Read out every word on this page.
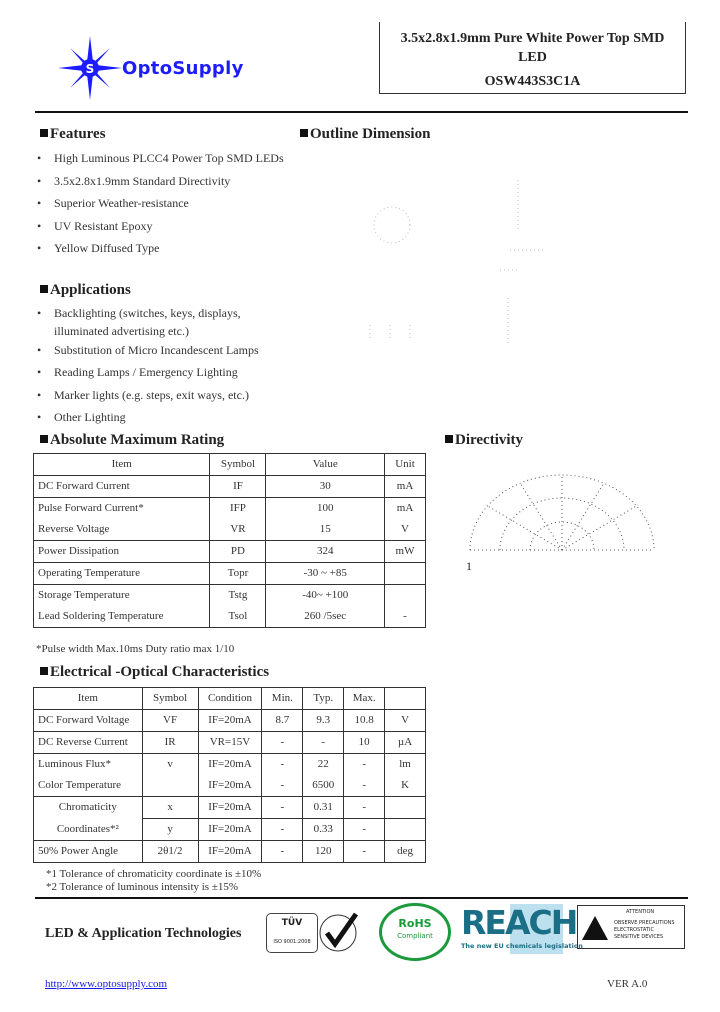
S OptoSupply
3.5x2.8x1.9mm Pure White Power Top SMD
LED
OSW443S3C1A
Features
• High Luminous PLCC4 Power Top SMD LEDs
• 3.5x2.8x1.9mm Standard Directivity
• Superior Weather-resistance
• UV Resistant Epoxy
• Yellow Diffused Type
Outline Dimension
Applications
• Backlighting (switches, keys, displays,
illuminated advertising etc.)
• Substitution of Micro Incandescent Lamps
• Reading Lamps / Emergency Lighting
• Marker lights (e.g. steps, exit ways, etc.)
• Other Lighting
Absolute Maximum Rating
Item	Symbol	Value	Unit
DC Forward Current	IF	30	mA
Pulse Forward Current*	IFP	100	mA
Reverse Voltage	VR	15	V
Power Dissipation	PD	324	mW
Operating Temperature	Topr	-30 ~ +85	
Storage Temperature	Tstg	-40~ +100	
Lead Soldering Temperature	Tsol	260 /5sec	-
*Pulse width Max.10ms Duty ratio max 1/10
Directivity
1
Electrical -Optical Characteristics
Item	Symbol	Condition	Min.	Typ.	Max.	
DC Forward Voltage	VF	IF=20mA	8.7	9.3	10.8	V
DC Reverse Current	IR	VR=15V	-	-	10	µA
Luminous Flux*	v	IF=20mA	-	22	-	lm
Color Temperature		IF=20mA	-	6500	-	K
Chromaticity	x	IF=20mA	-	0.31	-	
Coordinates*²	y	IF=20mA	-	0.33	-	
50% Power Angle	2θ1/2	IF=20mA	-	120	-	deg
*1 Tolerance of chromaticity coordinate is ±10%
*2 Tolerance of luminous intensity is ±15%
LED & Application Technologies
TÜV
ISO 9001:2008
RoHS
Compliant REACH
The new EU chemicals legislation
ATTENTION
OBSERVE PRECAUTIONS ELECTROSTATIC SENSITIVE DEVICES
http://www.optosupply.com	VER A.0
